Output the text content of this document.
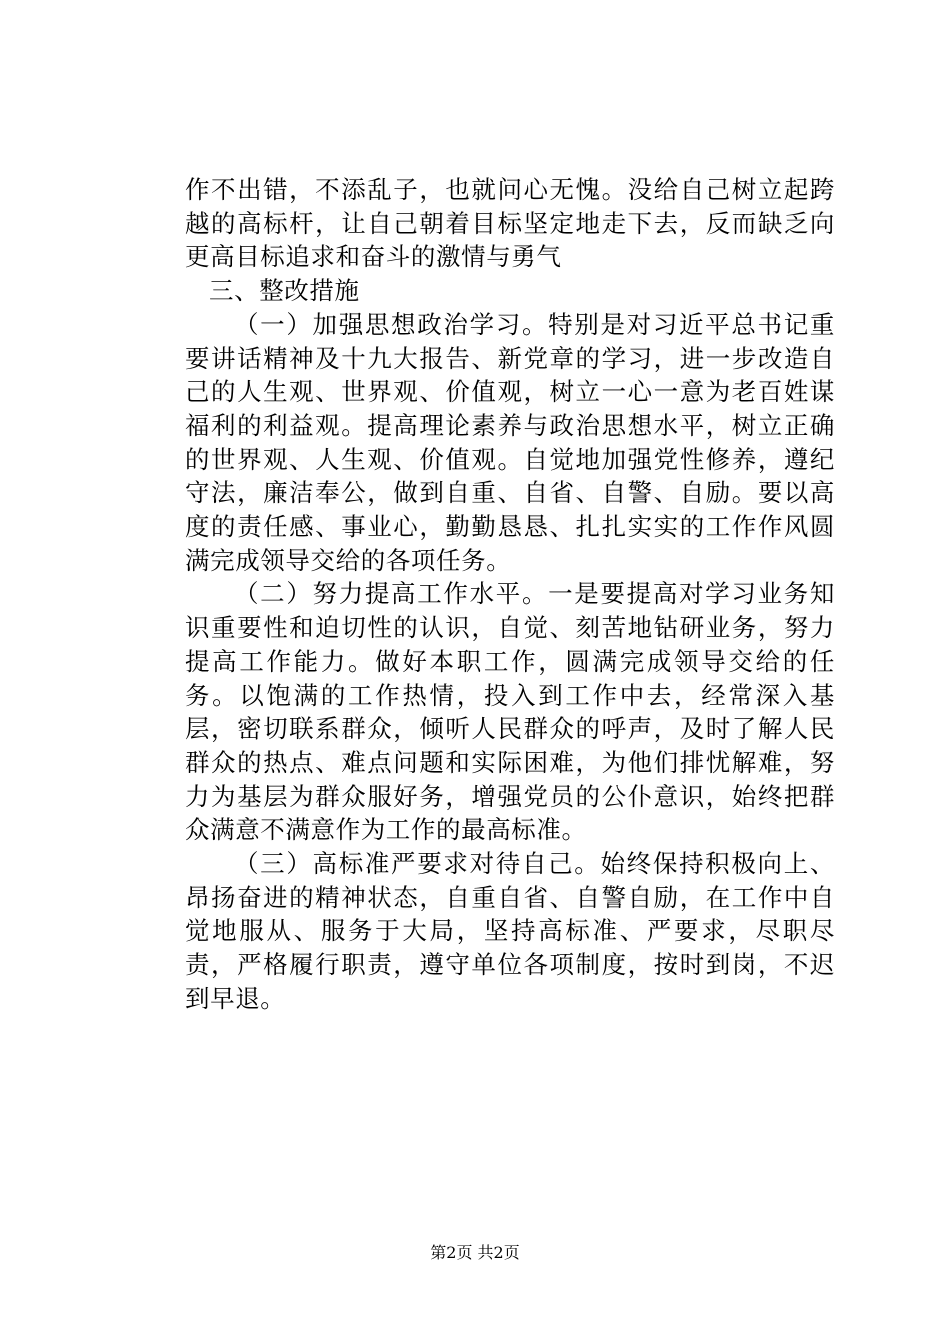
作不出错，不添乱子，也就问心无愧。没给自己树立起跨越的高标杆，让自己朝着目标坚定地走下去，反而缺乏向更高目标追求和奋斗的激情与勇气

三、整改措施

（一）加强思想政治学习。特别是对习近平总书记重要讲话精神及十九大报告、新党章的学习，进一步改造自己的人生观、世界观、价值观，树立一心一意为老百姓谋福利的利益观。提高理论素养与政治思想水平，树立正确的世界观、人生观、价值观。自觉地加强党性修养，遵纪守法，廉洁奉公，做到自重、自省、自警、自励。要以高度的责任感、事业心，勤勤恳恳、扎扎实实的工作作风圆满完成领导交给的各项任务。

（二）努力提高工作水平。一是要提高对学习业务知识重要性和迫切性的认识，自觉、刻苦地钻研业务，努力提高工作能力。做好本职工作，圆满完成领导交给的任务。以饱满的工作热情，投入到工作中去，经常深入基层，密切联系群众，倾听人民群众的呼声，及时了解人民群众的热点、难点问题和实际困难，为他们排忧解难，努力为基层为群众服好务，增强党员的公仆意识，始终把群众满意不满意作为工作的最高标准。

（三）高标准严要求对待自己。始终保持积极向上、昂扬奋进的精神状态，自重自省、自警自励，在工作中自觉地服从、服务于大局，坚持高标准、严要求，尽职尽责，严格履行职责，遵守单位各项制度，按时到岗，不迟到早退。

第2页 共2页
